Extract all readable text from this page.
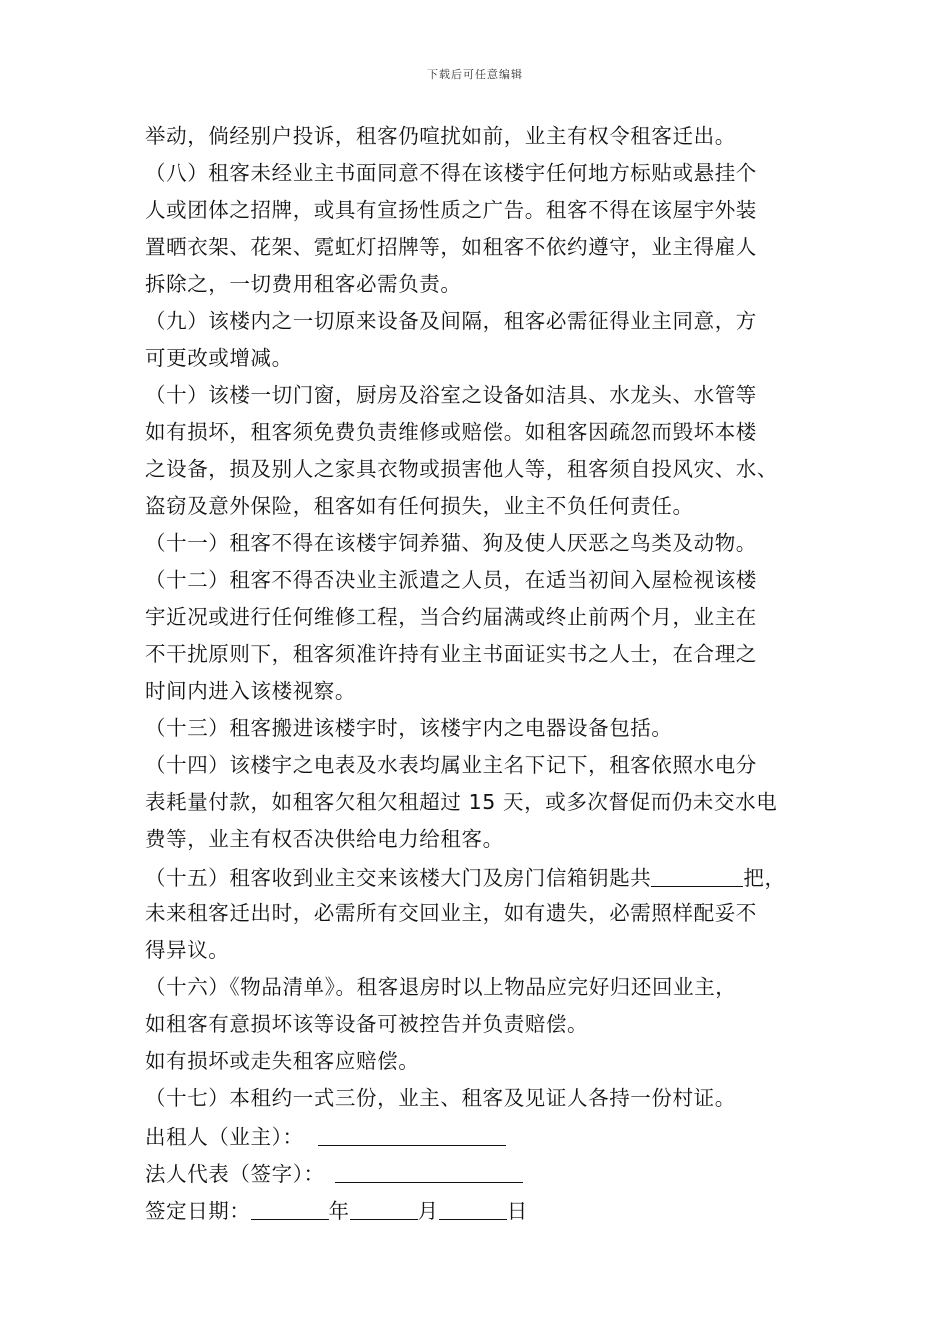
下载后可任意编辑
举动，倘经别户投诉，租客仍喧扰如前，业主有权令租客迁出。
（八）租客未经业主书面同意不得在该楼宇任何地方标贴或悬挂个
人或团体之招牌，或具有宣扬性质之广告。租客不得在该屋宇外装
置晒衣架、花架、霓虹灯招牌等，如租客不依约遵守，业主得雇人
拆除之，一切费用租客必需负责。
（九）该楼内之一切原来设备及间隔，租客必需征得业主同意，方
可更改或增减。
（十）该楼一切门窗，厨房及浴室之设备如洁具、水龙头、水管等
如有损坏，租客须免费负责维修或赔偿。如租客因疏忽而毁坏本楼
之设备，损及别人之家具衣物或损害他人等，租客须自投风灾、水、
盗窃及意外保险，租客如有任何损失，业主不负任何责任。
（十一）租客不得在该楼宇饲养猫、狗及使人厌恶之鸟类及动物。
（十二）租客不得否决业主派遣之人员，在适当初间入屋检视该楼
宇近况或进行任何维修工程，当合约届满或终止前两个月，业主在
不干扰原则下，租客须准许持有业主书面证实书之人士，在合理之
时间内进入该楼视察。
（十三）租客搬进该楼宇时，该楼宇内之电器设备包括。
（十四）该楼宇之电表及水表均属业主名下记下，租客依照水电分
表耗量付款，如租客欠租欠租超过 15 天，或多次督促而仍未交水电
费等，业主有权否决供给电力给租客。
（十五）租客收到业主交来该楼大门及房门信箱钥匙共	把，
未来租客迁出时，必需所有交回业主，如有遗失，必需照样配妥不
得异议。
（十六）《物品清单》。租客退房时以上物品应完好归还回业主，
如租客有意损坏该等设备可被控告并负责赔偿。
如有损坏或走失租客应赔偿。
（十七）本租约一式三份，业主、租客及见证人各持一份村证。
出租人（业主）：
法人代表（签字）：
签定日期：	年	月	日
